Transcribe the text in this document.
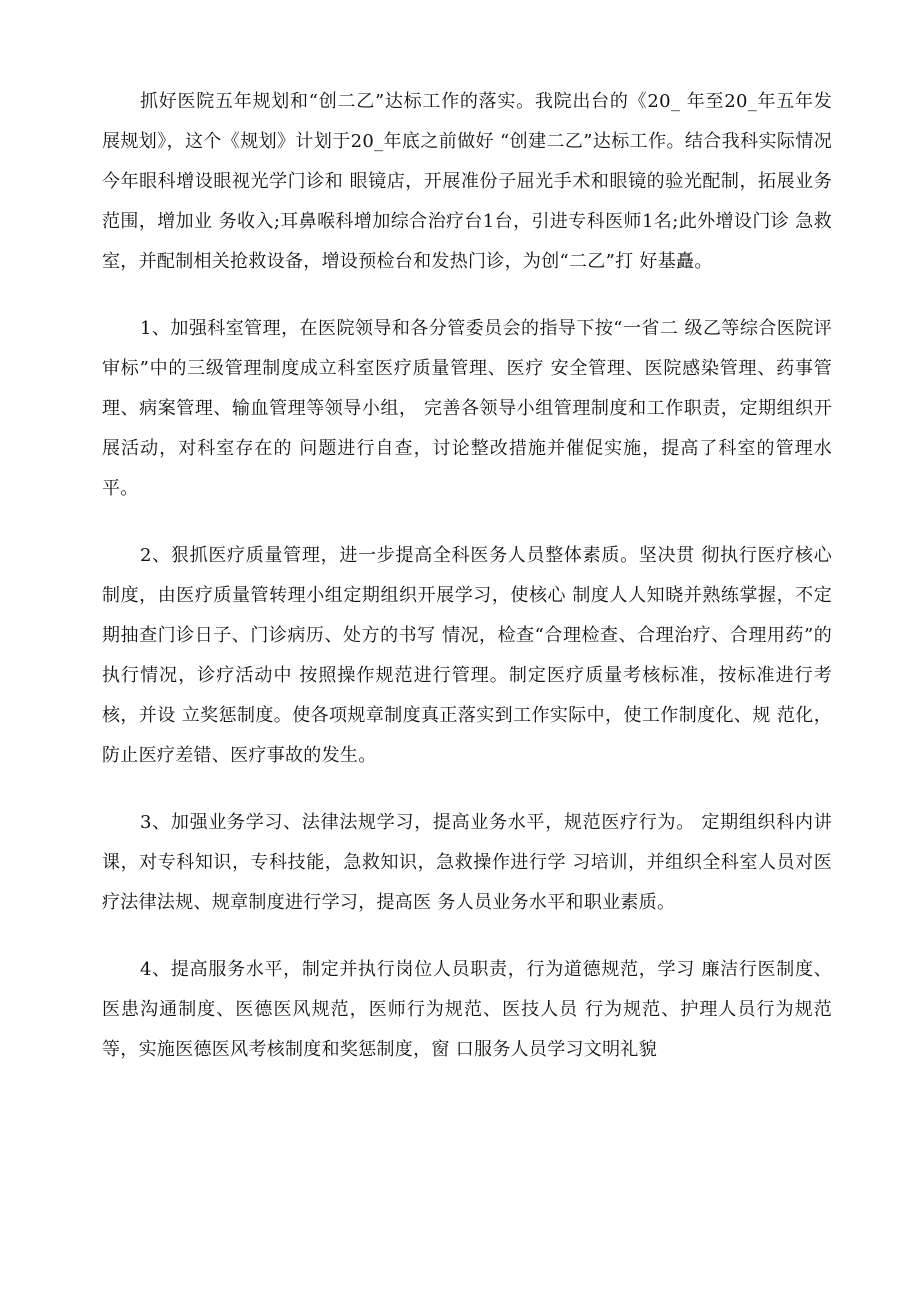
抓好医院五年规划和“创二乙”达标工作的落实。我院出台的《20_ 年至20_年五年发展规划》，这个《规划》计划于20_年底之前做好 “创建二乙”达标工作。结合我科实际情况今年眼科增设眼视光学门诊和 眼镜店，开展准份子屈光手术和眼镜的验光配制，拓展业务范围，增加业 务收入;耳鼻喉科增加综合治疗台1台，引进专科医师1名;此外增设门诊 急救室，并配制相关抢救设备，增设预检台和发热门诊，为创“二乙”打 好基矗。

1、加强科室管理，在医院领导和各分管委员会的指导下按“一省二 级乙等综合医院评审标”中的三级管理制度成立科室医疗质量管理、医疗 安全管理、医院感染管理、药事管理、病案管理、输血管理等领导小组， 完善各领导小组管理制度和工作职责，定期组织开展活动，对科室存在的 问题进行自查，讨论整改措施并催促实施，提高了科室的管理水平。

2、狠抓医疗质量管理，进一步提高全科医务人员整体素质。坚决贯 彻执行医疗核心制度，由医疗质量管转理小组定期组织开展学习，使核心 制度人人知晓并熟练掌握，不定期抽查门诊日子、门诊病历、处方的书写 情况，检查“合理检查、合理治疗、合理用药”的执行情况，诊疗活动中 按照操作规范进行管理。制定医疗质量考核标准，按标准进行考核，并设 立奖惩制度。使各项规章制度真正落实到工作实际中，使工作制度化、规 范化，防止医疗差错、医疗事故的发生。

3、加强业务学习、法律法规学习，提高业务水平，规范医疗行为。 定期组织科内讲课，对专科知识，专科技能，急救知识，急救操作进行学 习培训，并组织全科室人员对医疗法律法规、规章制度进行学习，提高医 务人员业务水平和职业素质。

4、提高服务水平，制定并执行岗位人员职责，行为道德规范，学习 廉洁行医制度、医患沟通制度、医德医风规范，医师行为规范、医技人员 行为规范、护理人员行为规范等，实施医德医风考核制度和奖惩制度，窗 口服务人员学习文明礼貌
